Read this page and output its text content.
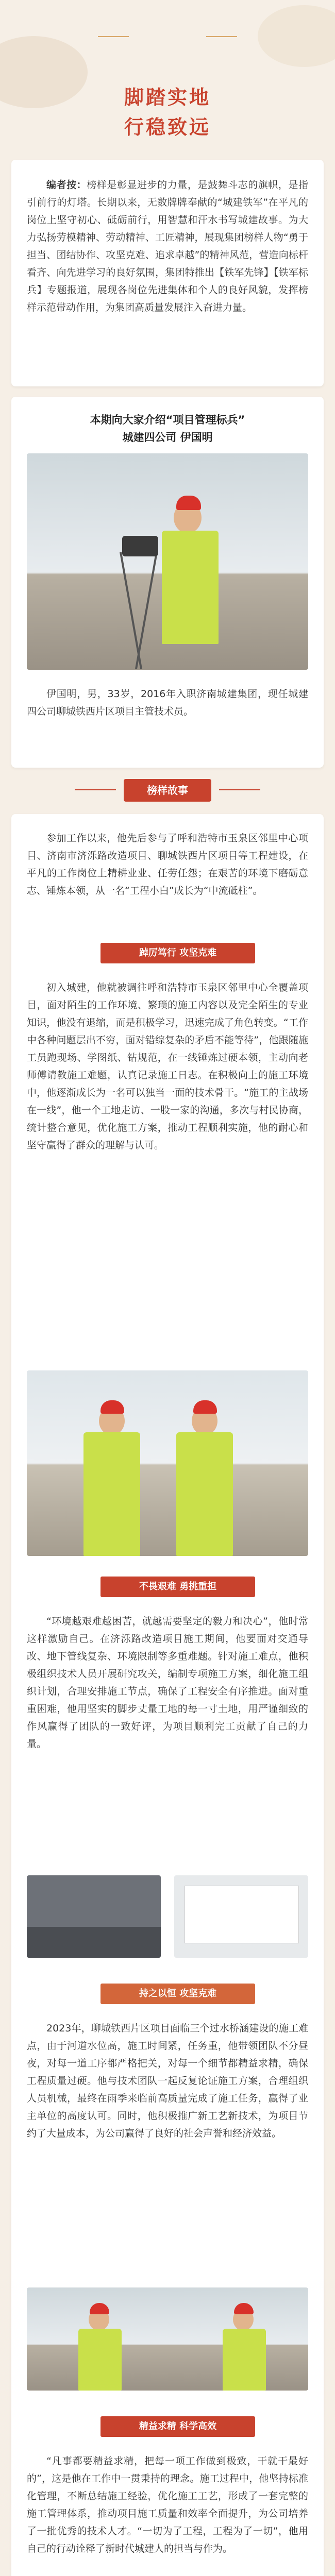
脚踏实地
行稳致远

编者按：榜样是彰显进步的力量，是鼓舞斗志的旗帜，是指引前行的灯塔。长期以来，无数牌牌奉献的“城建铁军”在平凡的岗位上坚守初心、砥砺前行，用智慧和汗水书写城建故事。为大力弘扬劳模精神、劳动精神、工匠精神，展现集团榜样人物“勇于担当、团结协作、攻坚克难、追求卓越”的精神风范，营造向标杆看齐、向先进学习的良好氛围，集团特推出【铁军先锋】【铁军标兵】专题报道，展现各岗位先进集体和个人的良好风貌，发挥榜样示范带动作用，为集团高质量发展注入奋进力量。

本期向大家介绍“项目管理标兵”
城建四公司 伊国明

伊国明，男，33岁，2016年入职济南城建集团，现任城建四公司聊城铁西片区项目主管技术员。

榜样故事

参加工作以来，他先后参与了呼和浩特市玉泉区邻里中心项目、济南市济泺路改造项目、聊城铁西片区项目等工程建设，在平凡的工作岗位上精耕业业、任劳任怨；在艰苦的环境下磨砺意志、锤炼本领，从一名“工程小白”成长为“中流砥柱”。

踔厉笃行 攻坚克难

初入城建，他就被调往呼和浩特市玉泉区邻里中心全覆盖项目，面对陌生的工作环境、繁琐的施工内容以及完全陌生的专业知识，他没有退缩，而是积极学习，迅速完成了角色转变。“工作中各种问题层出不穷，面对错综复杂的矛盾不能等待”，他跟随施工员跑现场、学图纸、钻规范，在一线锤炼过硬本领，主动向老师傅请教施工难题，认真记录施工日志。在积极向上的施工环境中，他逐渐成长为一名可以独当一面的技术骨干。“施工的主战场在一线”，他一个工地走访、一股一家的沟通，多次与村民协商，统计整合意见，优化施工方案，推动工程顺利实施，他的耐心和坚守赢得了群众的理解与认可。

不畏艰难 勇挑重担

“环境越艰难越困苦，就越需要坚定的毅力和决心”，他时常这样激励自己。在济泺路改造项目施工期间，他要面对交通导改、地下管线复杂、环境限制等多重难题。针对施工难点，他积极组织技术人员开展研究攻关，编制专项施工方案，细化施工组织计划，合理安排施工节点，确保了工程安全有序推进。面对重重困难，他用坚实的脚步丈量工地的每一寸土地，用严谨细致的作风赢得了团队的一致好评，为项目顺利完工贡献了自己的力量。

持之以恒 攻坚克难

2023年，聊城铁西片区项目面临三个过水桥涵建设的施工难点，由于河道水位高，施工时间紧，任务重，他带领团队不分昼夜，对每一道工序都严格把关，对每一个细节都精益求精，确保工程质量过硬。他与技术团队一起反复论证施工方案，合理组织人员机械，最终在雨季来临前高质量完成了施工任务，赢得了业主单位的高度认可。同时，他积极推广新工艺新技术，为项目节约了大量成本，为公司赢得了良好的社会声誉和经济效益。

精益求精 科学高效

“凡事都要精益求精，把每一项工作做到极致，干就干最好的”，这是他在工作中一贯秉持的理念。施工过程中，他坚持标准化管理，不断总结施工经验，优化施工工艺，形成了一套完整的施工管理体系，推动项目施工质量和效率全面提升，为公司培养了一批优秀的技术人才。“一切为了工程，工程为了一切”，他用自己的行动诠释了新时代城建人的担当与作为。
